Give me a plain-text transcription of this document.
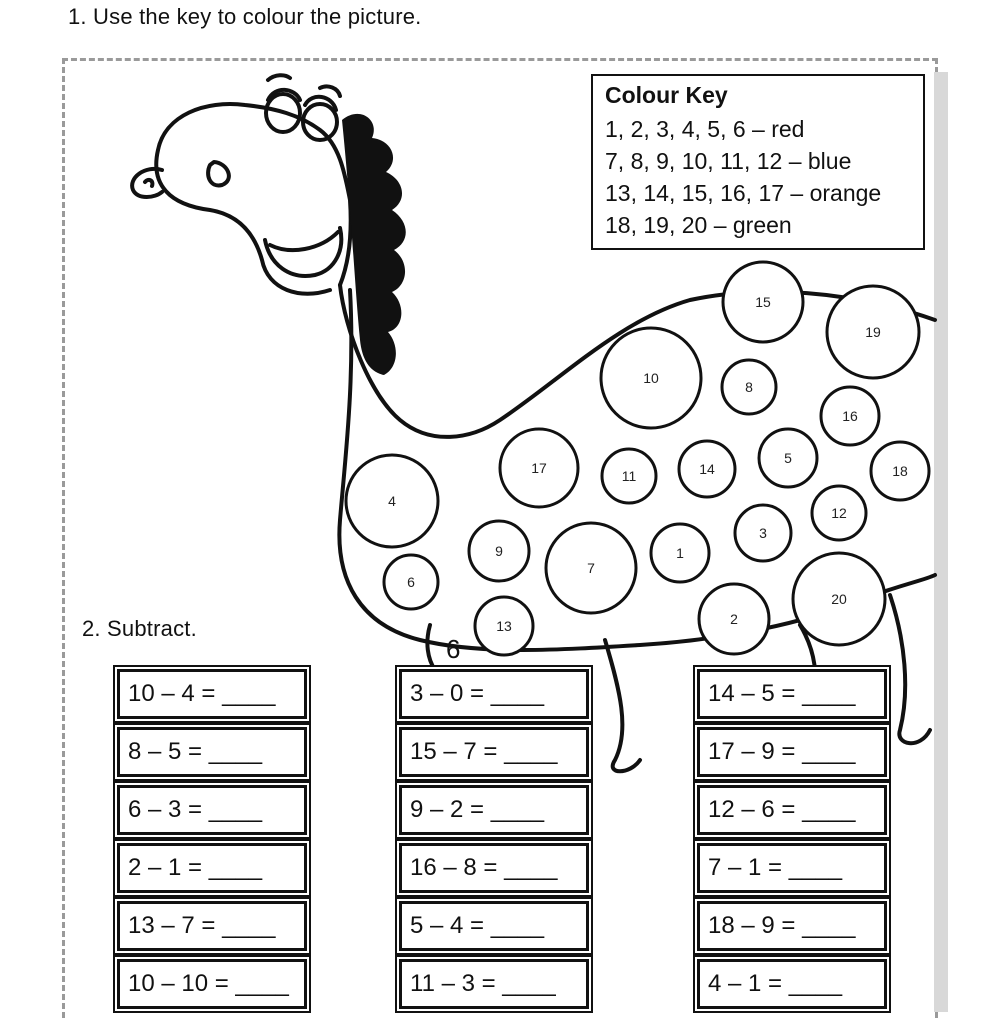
1. Use the key to colour the picture.
6
15
19
10
8
16
17	11	14
5
18
4
12
3
9
7
1
6
20
2
13
Colour Key
1, 2, 3, 4, 5, 6 – red
7, 8, 9, 10, 11, 12 – blue
13, 14, 15, 16, 17 – orange
18, 19, 20 – green
2. Subtract.
10 – 4 = ____
8 – 5 = ____
6 – 3 = ____
2 – 1 = ____
13 – 7 = ____
10 – 10 = ____
3 – 0 = ____
15 – 7 = ____
9 – 2 = ____
16 – 8 = ____
5 – 4 = ____
11 – 3 = ____
14 – 5 = ____
17 – 9 = ____
12 – 6 = ____
7 – 1 = ____
18 – 9 = ____
4 – 1 = ____
